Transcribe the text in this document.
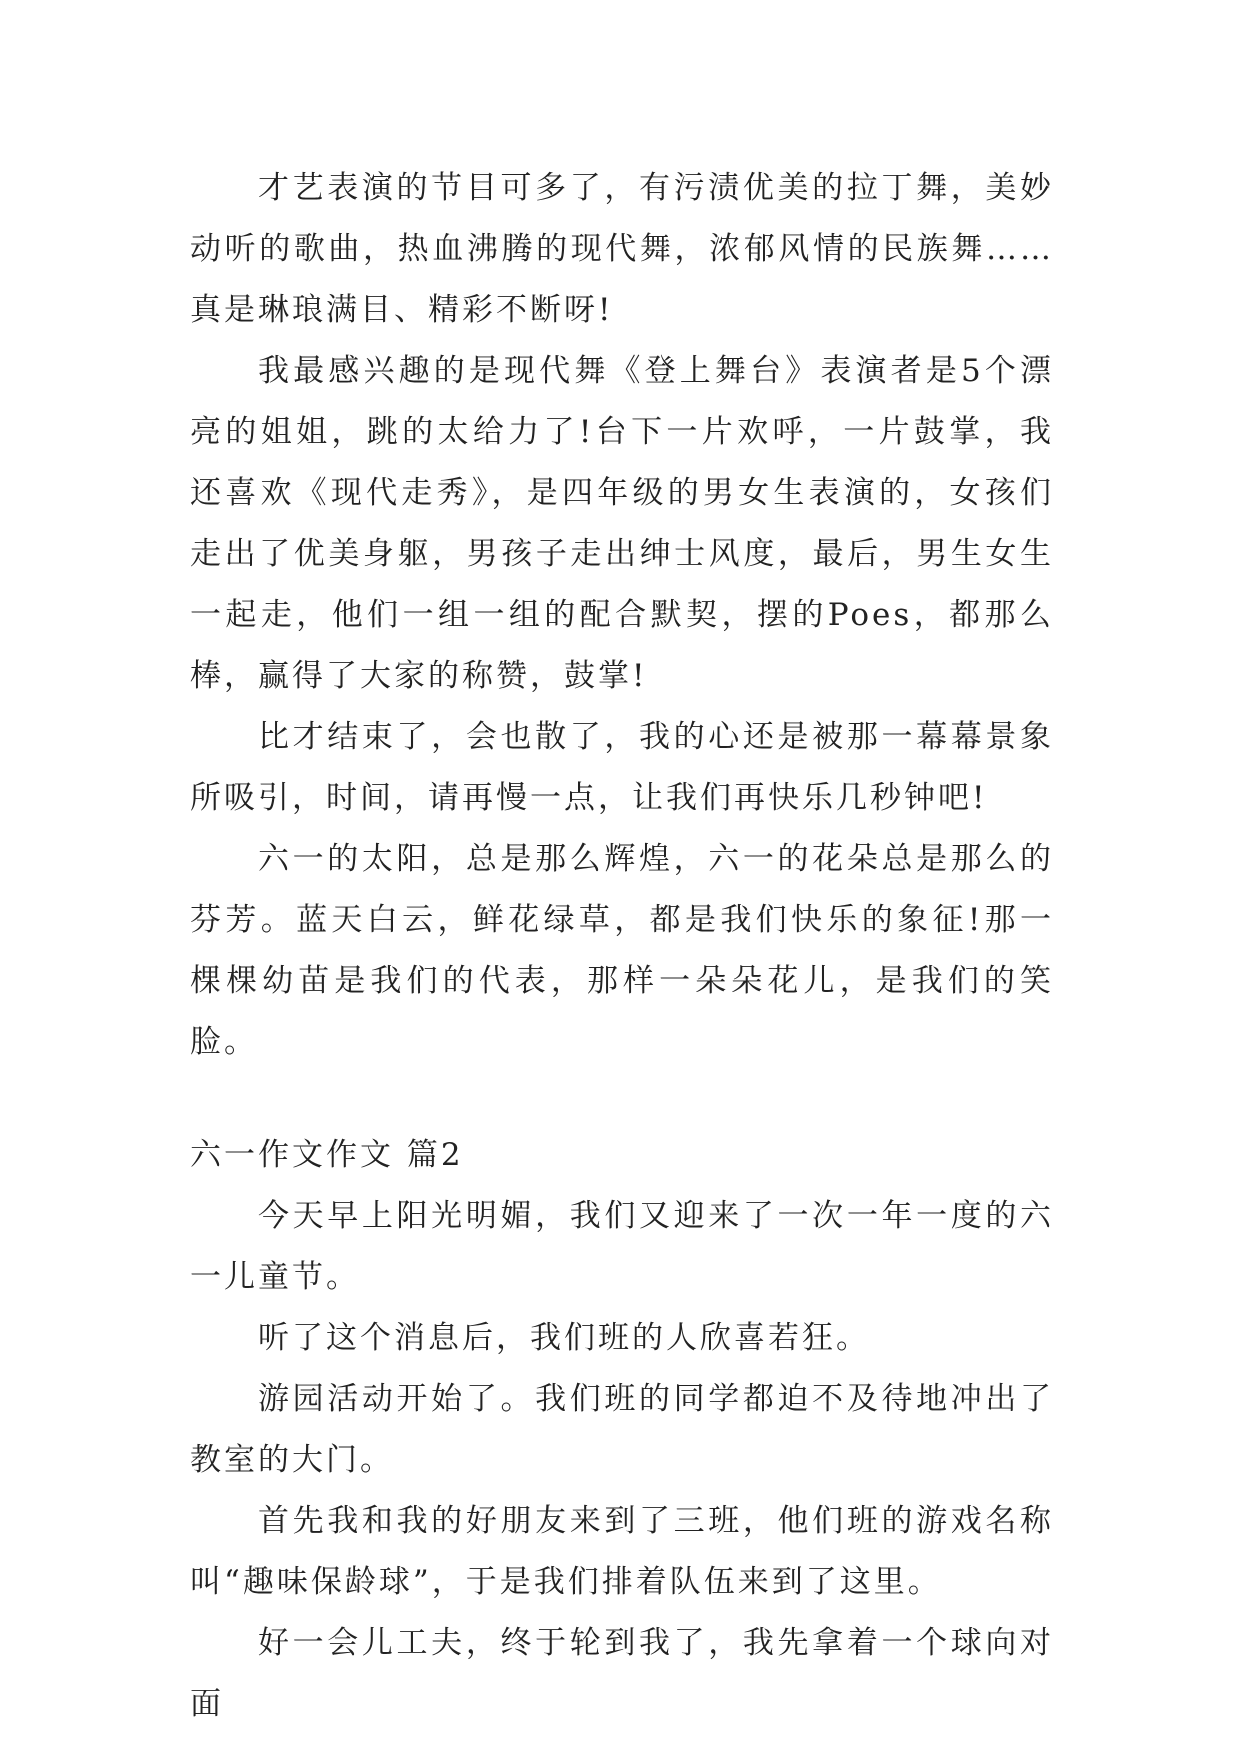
才艺表演的节目可多了，有污渍优美的拉丁舞，美妙动听的歌曲，热血沸腾的现代舞，浓郁风情的民族舞……真是琳琅满目、精彩不断呀!

我最感兴趣的是现代舞《登上舞台》表演者是5个漂亮的姐姐，跳的太给力了!台下一片欢呼，一片鼓掌，我还喜欢《现代走秀》，是四年级的男女生表演的，女孩们走出了优美身躯，男孩子走出绅士风度，最后，男生女生一起走，他们一组一组的配合默契，摆的Poes，都那么棒，赢得了大家的称赞，鼓掌!

比才结束了，会也散了，我的心还是被那一幕幕景象所吸引，时间，请再慢一点，让我们再快乐几秒钟吧!

六一的太阳，总是那么辉煌，六一的花朵总是那么的芬芳。蓝天白云，鲜花绿草，都是我们快乐的象征!那一棵棵幼苗是我们的代表，那样一朵朵花儿，是我们的笑脸。

六一作文作文 篇2

今天早上阳光明媚，我们又迎来了一次一年一度的六一儿童节。

听了这个消息后，我们班的人欣喜若狂。

游园活动开始了。我们班的同学都迫不及待地冲出了教室的大门。

首先我和我的好朋友来到了三班，他们班的游戏名称叫“趣味保龄球”，于是我们排着队伍来到了这里。

好一会儿工夫，终于轮到我了，我先拿着一个球向对面
